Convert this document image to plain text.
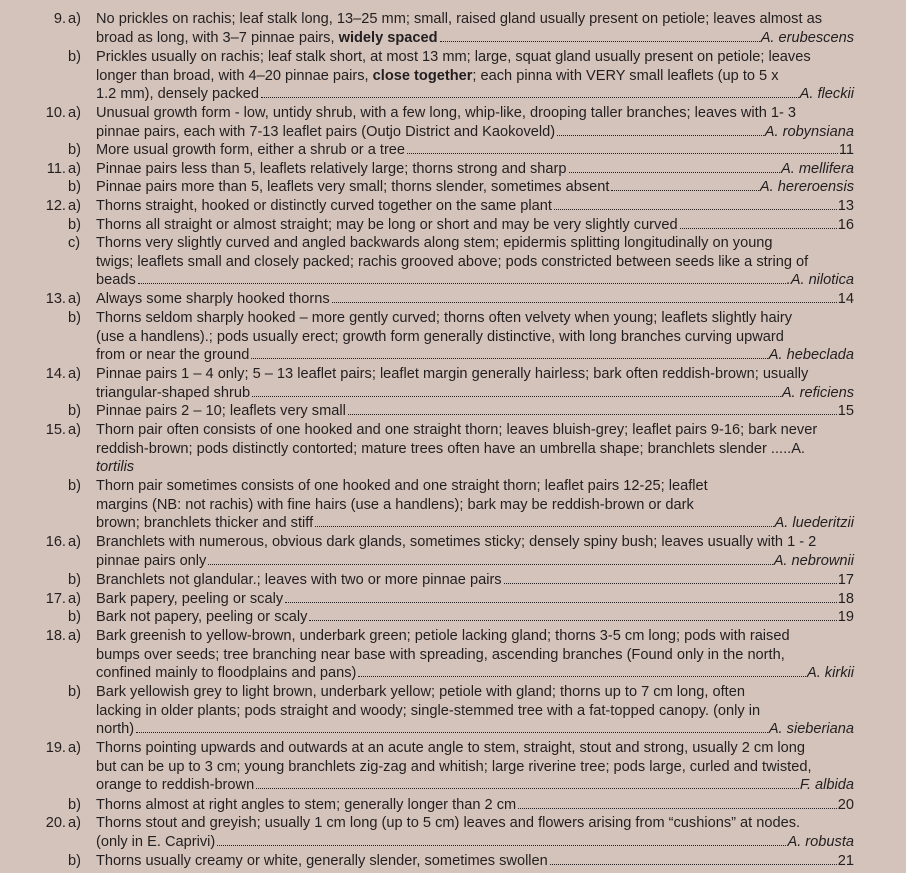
9. a)	No prickles on rachis; leaf stalk long, 13–25 mm; small, raised gland usually present on petiole; leaves almost as
broad as long, with 3–7 pinnae pairs, widely spaced	A. erubescens
b)	Prickles usually on rachis; leaf stalk short, at most 13 mm; large, squat gland usually present on petiole; leaves
longer than broad, with 4–20 pinnae pairs, close together; each pinna with VERY small leaflets (up to 5 x
1.2 mm), densely packed	A. fleckii
10. a)	Unusual growth form - low, untidy shrub, with a few long, whip-like, drooping taller branches; leaves with 1- 3
pinnae pairs, each with 7-13 leaflet pairs (Outjo District and Kaokoveld)	A. robynsiana
b)	More usual growth form, either a shrub or a tree	11
11. a)	Pinnae pairs less than 5, leaflets relatively large; thorns strong and sharp	A. mellifera
b)	Pinnae pairs more than 5, leaflets very small; thorns slender, sometimes absent	A. hereroensis
12. a)	Thorns straight, hooked or distinctly curved together on the same plant	13
b)	Thorns all straight or almost straight; may be long or short and may be very slightly curved	16
c)	Thorns very slightly curved and angled backwards along stem; epidermis splitting longitudinally on young
twigs; leaflets small and closely packed; rachis grooved above; pods constricted between seeds like a string of
beads	.A. nilotica
13. a)	Always some sharply hooked thorns	14
b)	Thorns seldom sharply hooked – more gently curved; thorns often velvety when young; leaflets slightly hairy
(use a handlens).; pods usually erect; growth form generally distinctive, with long branches curving upward
from or near the ground	A. hebeclada
14. a)	Pinnae pairs 1 – 4 only; 5 – 13 leaflet pairs; leaflet margin generally hairless; bark often reddish-brown; usually
triangular-shaped shrub	A. reficiens
b)	Pinnae pairs 2 – 10; leaflets very small	15
15. a)	Thorn pair often consists of one hooked and one straight thorn; leaves bluish-grey; leaflet pairs 9-16; bark never
reddish-brown; pods distinctly contorted; mature trees often have an umbrella shape; branchlets slender .....A.
tortilis
b)	Thorn pair sometimes consists of one hooked and one straight thorn; leaflet pairs 12-25; leaflet
margins (NB: not rachis) with fine hairs (use a handlens); bark may be reddish-brown or dark
brown; branchlets thicker and stiff	A. luederitzii
16. a)	Branchlets with numerous, obvious dark glands, sometimes sticky; densely spiny bush; leaves usually with 1 - 2
pinnae pairs only	A. nebrownii
b)	Branchlets not glandular.; leaves with two or more pinnae pairs	17
17. a)	Bark papery, peeling or scaly	18
b)	Bark not papery, peeling or scaly	19
18. a)	Bark greenish to yellow-brown, underbark green; petiole lacking gland; thorns 3-5 cm long; pods with raised
bumps over seeds; tree branching near base with spreading, ascending branches (Found only in the north,
confined mainly to floodplains and pans)	A. kirkii
b)	Bark yellowish grey to light brown, underbark yellow; petiole with gland; thorns up to 7 cm long, often
lacking in older plants; pods straight and woody; single-stemmed tree with a fat-topped canopy. (only in
north)	A. sieberiana
19. a)	Thorns pointing upwards and outwards at an acute angle to stem, straight, stout and strong, usually 2 cm long
but can be up to 3 cm; young branchlets zig-zag and whitish; large riverine tree; pods large, curled and twisted,
orange to reddish-brown	F. albida
b)	Thorns almost at right angles to stem; generally longer than 2 cm	20
20. a)	Thorns stout and greyish; usually 1 cm long (up to 5 cm) leaves and flowers arising from “cushions” at nodes.
(only in E. Caprivi)	A. robusta
b)	Thorns usually creamy or white, generally slender, sometimes swollen	21
